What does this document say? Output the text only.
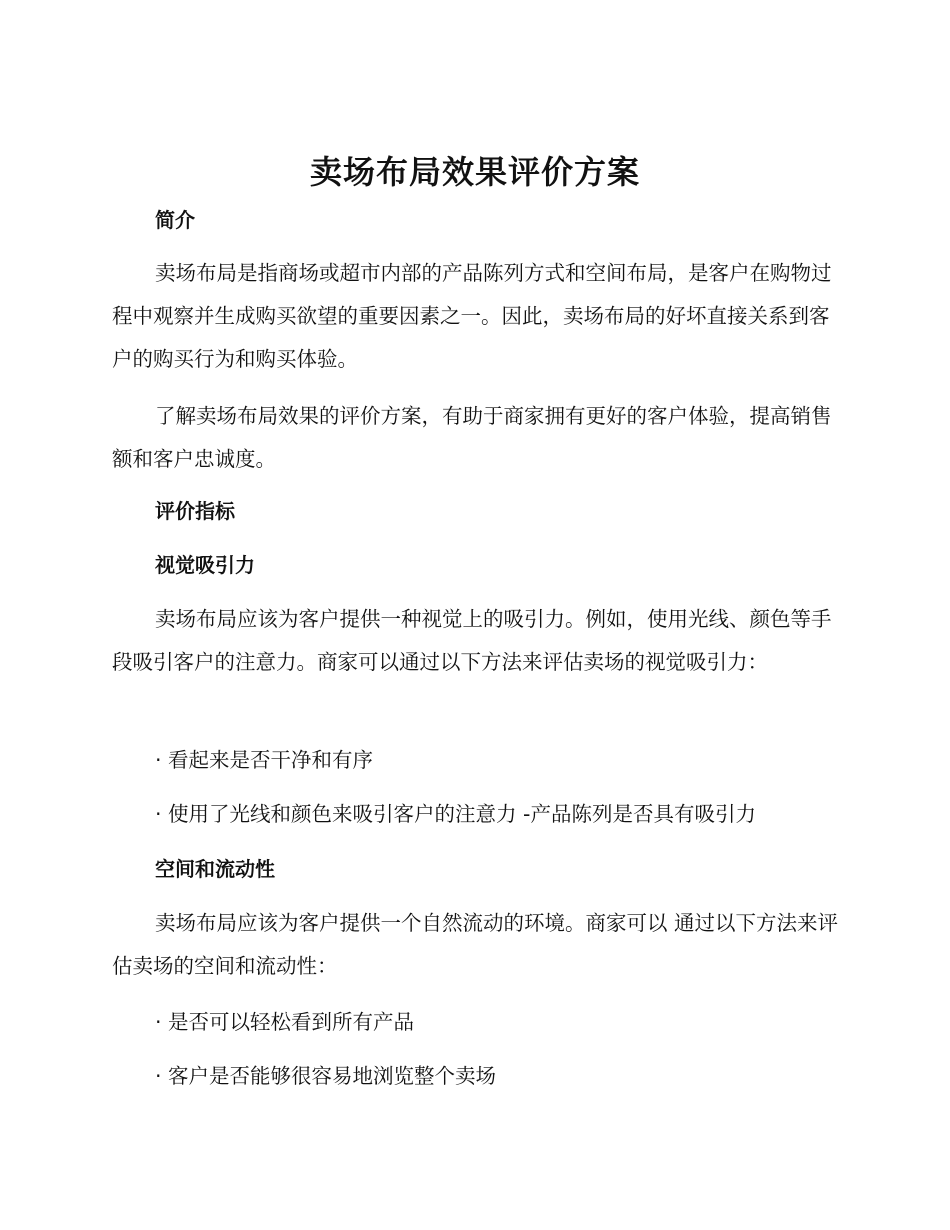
卖场布局效果评价方案
简介

卖场布局是指商场或超市内部的产品陈列方式和空间布局，是客户在购物过程中观察并生成购买欲望的重要因素之一。因此，卖场布局的好坏直接关系到客户的购买行为和购买体验。

了解卖场布局效果的评价方案，有助于商家拥有更好的客户体验，提高销售额和客户忠诚度。

评价指标
视觉吸引力

卖场布局应该为客户提供一种视觉上的吸引力。例如，使用光线、颜色等手段吸引客户的注意力。商家可以通过以下方法来评估卖场的视觉吸引力：

· 看起来是否干净和有序
· 使用了光线和颜色来吸引客户的注意力 -产品陈列是否具有吸引力
空间和流动性

卖场布局应该为客户提供一个自然流动的环境。商家可以 通过以下方法来评估卖场的空间和流动性：

· 是否可以轻松看到所有产品
· 客户是否能够很容易地浏览整个卖场
